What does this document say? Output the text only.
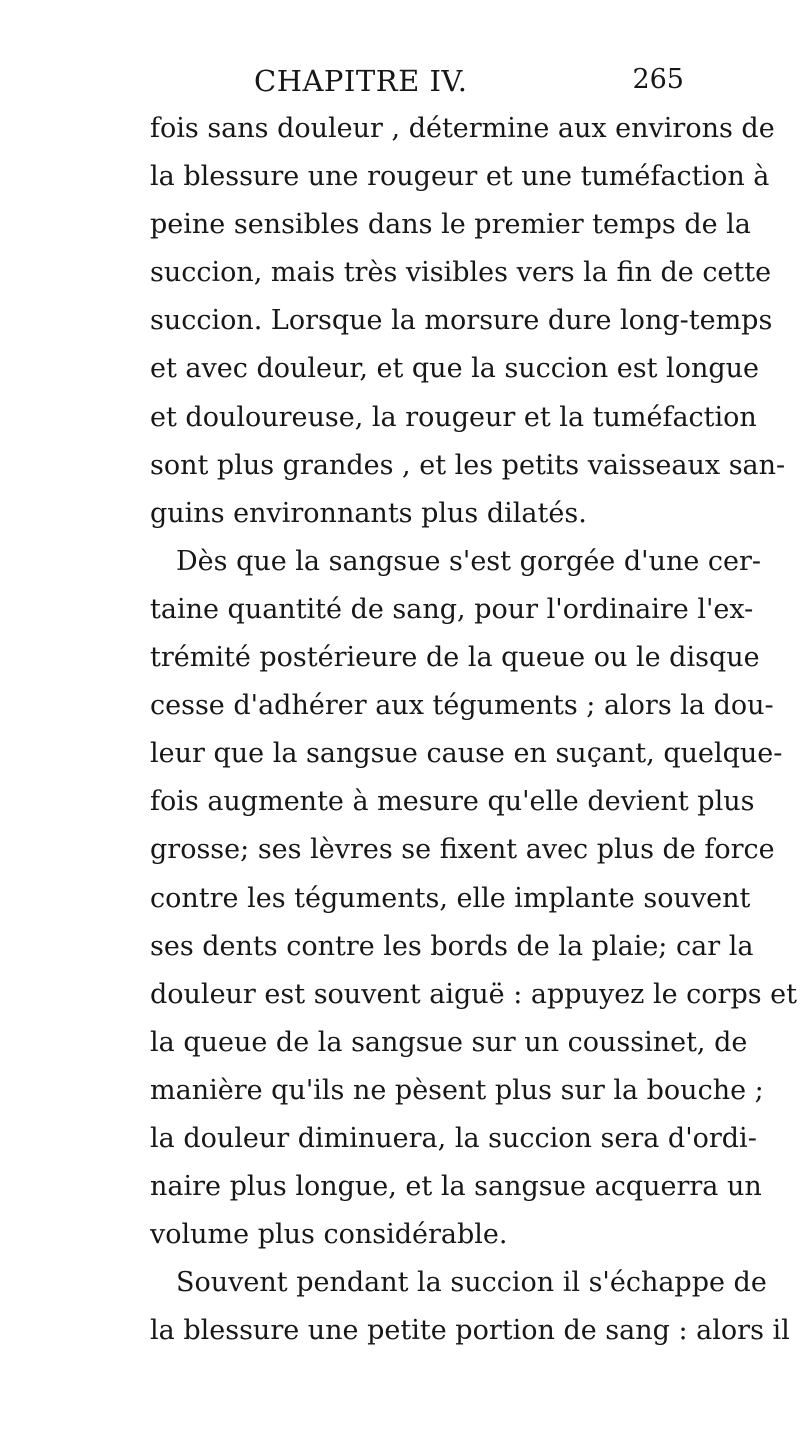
CHAPITRE IV.	265
fois sans douleur , détermine aux environs de
la blessure une rougeur et une tuméfaction à
peine sensibles dans le premier temps de la
succion, mais très visibles vers la fin de cette
succion. Lorsque la morsure dure long-temps
et avec douleur, et que la succion est longue
et douloureuse, la rougeur et la tuméfaction
sont plus grandes , et les petits vaisseaux san-
guins environnants plus dilatés.
Dès que la sangsue s'est gorgée d'une cer-
taine quantité de sang, pour l'ordinaire l'ex-
trémité postérieure de la queue ou le disque
cesse d'adhérer aux téguments ; alors la dou-
leur que la sangsue cause en suçant, quelque-
fois augmente à mesure qu'elle devient plus
grosse; ses lèvres se fixent avec plus de force
contre les téguments, elle implante souvent
ses dents contre les bords de la plaie; car la
douleur est souvent aiguë : appuyez le corps et
la queue de la sangsue sur un coussinet, de
manière qu'ils ne pèsent plus sur la bouche ;
la douleur diminuera, la succion sera d'ordi-
naire plus longue, et la sangsue acquerra un
volume plus considérable.
Souvent pendant la succion il s'échappe de
la blessure une petite portion de sang : alors il
